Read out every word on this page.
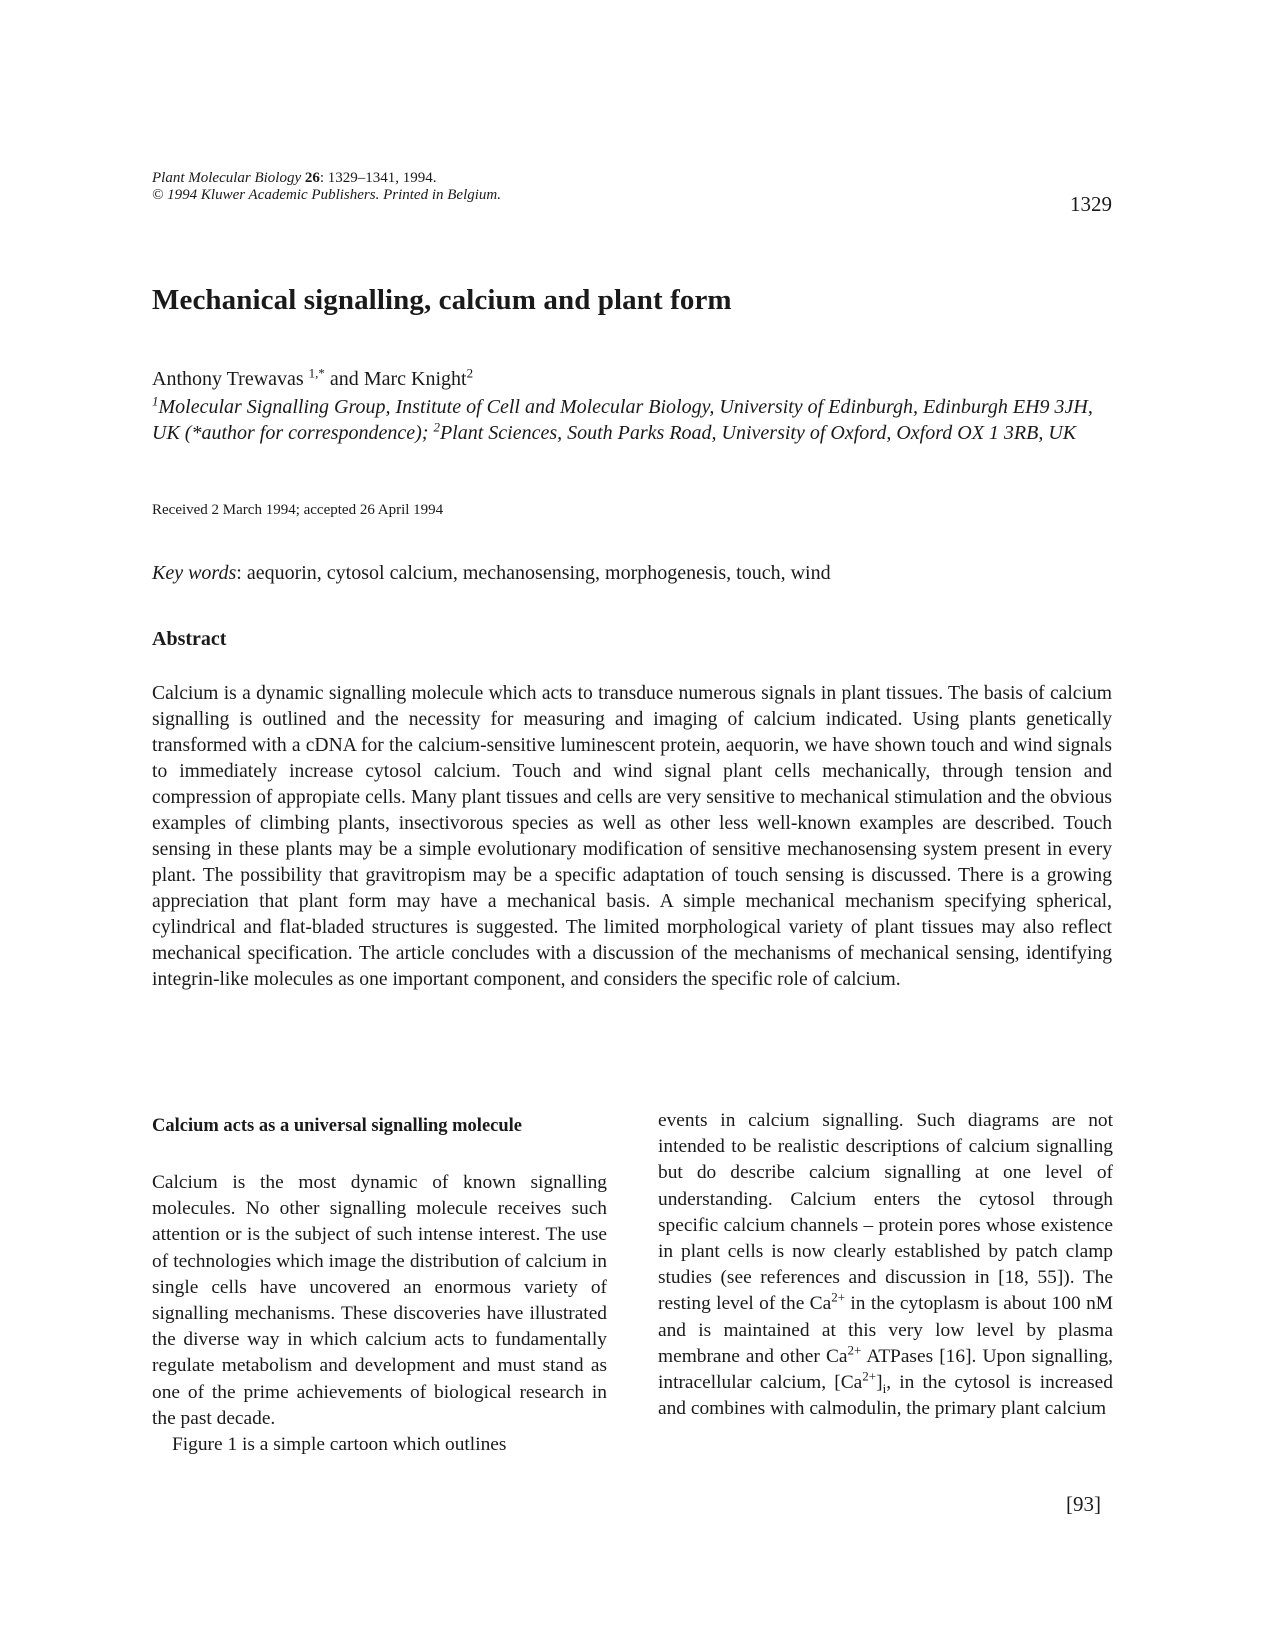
Plant Molecular Biology 26: 1329–1341, 1994.
© 1994 Kluwer Academic Publishers. Printed in Belgium.	1329
Mechanical signalling, calcium and plant form
Anthony Trewavas $^{1,*}$ and Marc Knight$^2$
$^1$Molecular Signalling Group, Institute of Cell and Molecular Biology, University of Edinburgh, Edinburgh EH9 3JH, UK (*author for correspondence); $^2$Plant Sciences, South Parks Road, University of Oxford, Oxford OX 1 3RB, UK
Received 2 March 1994; accepted 26 April 1994
Key words: aequorin, cytosol calcium, mechanosensing, morphogenesis, touch, wind
Abstract
Calcium is a dynamic signalling molecule which acts to transduce numerous signals in plant tissues. The basis of calcium signalling is outlined and the necessity for measuring and imaging of calcium indicated. Using plants genetically transformed with a cDNA for the calcium-sensitive luminescent protein, aequorin, we have shown touch and wind signals to immediately increase cytosol calcium. Touch and wind signal plant cells mechanically, through tension and compression of appropiate cells. Many plant tissues and cells are very sensitive to mechanical stimulation and the obvious examples of climbing plants, insectivorous species as well as other less well-known examples are described. Touch sensing in these plants may be a simple evolutionary modification of sensitive mechanosensing system present in every plant. The possibility that gravitropism may be a specific adaptation of touch sensing is discussed. There is a growing appreciation that plant form may have a mechanical basis. A simple mechanical mechanism specifying spherical, cylindrical and flat-bladed structures is suggested. The limited morphological variety of plant tissues may also reflect mechanical specification. The article concludes with a discussion of the mechanisms of mechanical sensing, identifying integrin-like molecules as one important component, and considers the specific role of calcium.
Calcium acts as a universal signalling molecule

Calcium is the most dynamic of known signalling molecules. No other signalling molecule receives such attention or is the subject of such intense interest. The use of technologies which image the distribution of calcium in single cells have uncovered an enormous variety of signalling mechanisms. These discoveries have illustrated the diverse way in which calcium acts to fundamentally regulate metabolism and development and must stand as one of the prime achievements of biological research in the past decade.

Figure 1 is a simple cartoon which outlines

events in calcium signalling. Such diagrams are not intended to be realistic descriptions of calcium signalling but do describe calcium signalling at one level of understanding. Calcium enters the cytosol through specific calcium channels – protein pores whose existence in plant cells is now clearly established by patch clamp studies (see references and discussion in [18, 55]). The resting level of the $Ca^{2+}$ in the cytoplasm is about 100 nM and is maintained at this very low level by plasma membrane and other $Ca^{2+}$ ATPases [16]. Upon signalling, intracellular calcium, $[Ca^{2+}]_i$, in the cytosol is increased and combines with calmodulin, the primary plant calcium

[93]
